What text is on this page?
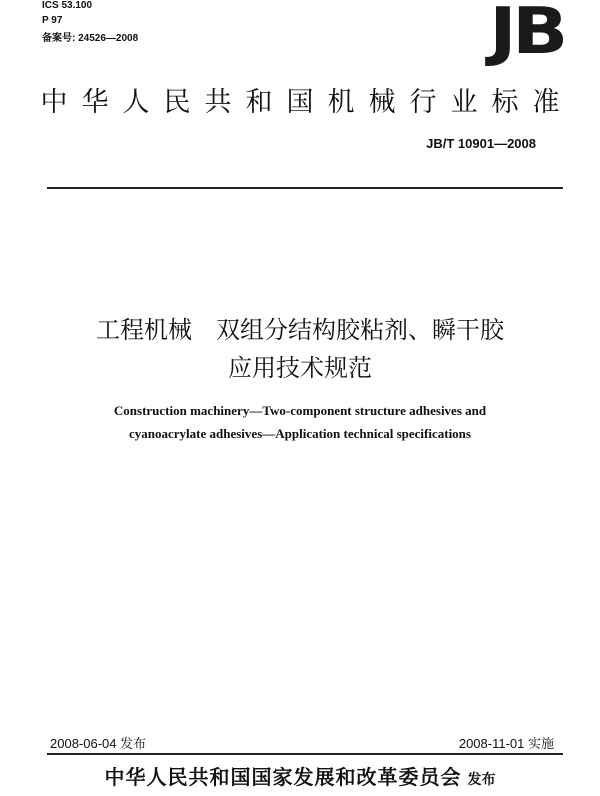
ICS 53.100
P 97
备案号: 24526—2008	JB
中华人民共和国机械行业标准
JB/T 10901—2008
工程机械　双组分结构胶粘剂、瞬干胶
应用技术规范
Construction machinery—Two-component structure adhesives and
cyanoacrylate adhesives—Application technical specifications
2008-06-04 发布	2008-11-01 实施
中华人民共和国国家发展和改革委员会 发布
